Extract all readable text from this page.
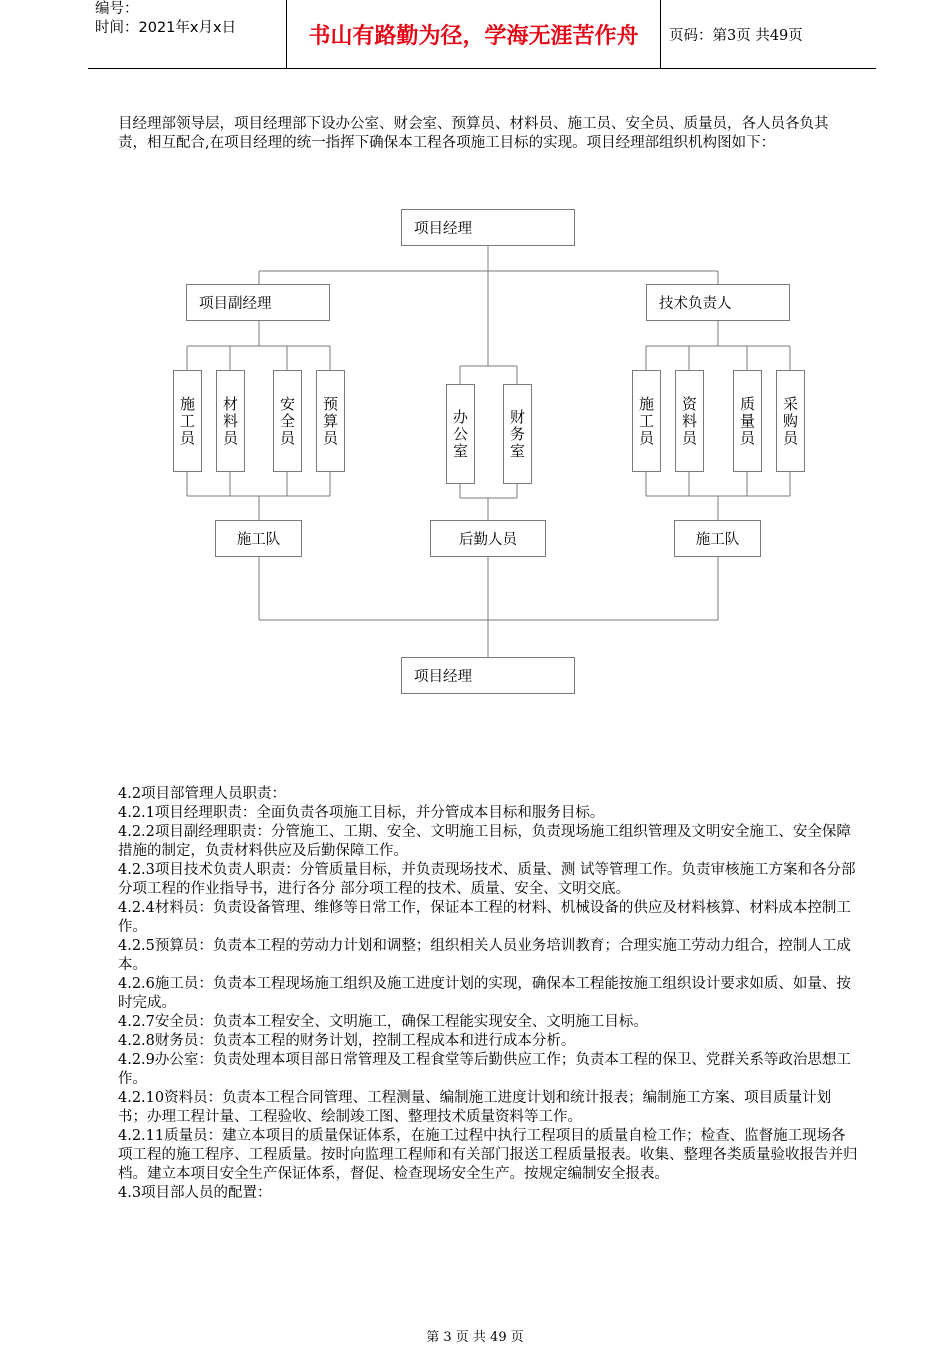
编号：
时间：2021年x月x日	书山有路勤为径，学海无涯苦作舟	页码：第3页 共49页
目经理部领导层，项目经理部下设办公室、财会室、预算员、材料员、施工员、安全员、质量员，各人员各负其责，相互配合,在项目经理的统一指挥下确保本工程各项施工目标的实现。项目经理部组织机构图如下：
项目经理
项目副经理	技术负责人
施工员	材料员	安全员	预算员	办公室	财务室	施工员	资料员	质量员	采购员
施工队	后勤人员	施工队
项目经理

4.2项目部管理人员职责：

4.2.1项目经理职责：全面负责各项施工目标，并分管成本目标和服务目标。

4.2.2项目副经理职责：分管施工、工期、安全、文明施工目标，负责现场施工组织管理及文明安全施工、安全保障措施的制定，负责材料供应及后勤保障工作。

4.2.3项目技术负责人职责：分管质量目标，并负责现场技术、质量、测 试等管理工作。负责审核施工方案和各分部分项工程的作业指导书，进行各分 部分项工程的技术、质量、安全、文明交底。

4.2.4材料员：负责设备管理、维修等日常工作，保证本工程的材料、机械设备的供应及材料核算、材料成本控制工作。

4.2.5预算员：负责本工程的劳动力计划和调整；组织相关人员业务培训教育；合理实施工劳动力组合，控制人工成本。

4.2.6施工员：负责本工程现场施工组织及施工进度计划的实现，确保本工程能按施工组织设计要求如质、如量、按时完成。

4.2.7安全员：负责本工程安全、文明施工，确保工程能实现安全、文明施工目标。

4.2.8财务员：负责本工程的财务计划，控制工程成本和进行成本分析。

4.2.9办公室：负责处理本项目部日常管理及工程食堂等后勤供应工作；负责本工程的保卫、党群关系等政治思想工作。

4.2.10资料员：负责本工程合同管理、工程测量、编制施工进度计划和统计报表；编制施工方案、项目质量计划书；办理工程计量、工程验收、绘制竣工图、整理技术质量资料等工作。

4.2.11质量员：建立本项目的质量保证体系，在施工过程中执行工程项目的质量自检工作；检查、监督施工现场各项工程的施工程序、工程质量。按时向监理工程师和有关部门报送工程质量报表。收集、整理各类质量验收报告并归档。建立本项目安全生产保证体系，督促、检查现场安全生产。按规定编制安全报表。

4.3项目部人员的配置：

第 3 页 共 49 页
